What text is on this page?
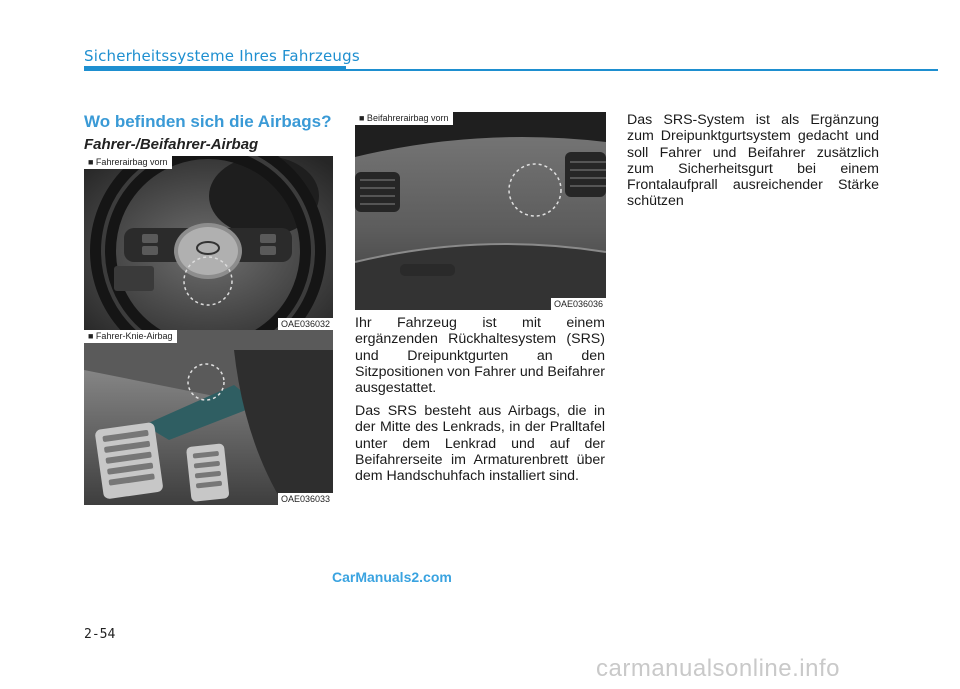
Sicherheitssysteme Ihres Fahrzeugs
Wo befinden sich die Airbags?
Fahrer-/Beifahrer-Airbag
■ Fahrerairbag vorn
OAE036032
■ Fahrer-Knie-Airbag
OAE036033
■ Beifahrerairbag vorn
OAE036036

Ihr Fahrzeug ist mit einem ergänzenden Rückhaltesystem (SRS) und Dreipunktgurten an den Sitzpositionen von Fahrer und Beifahrer ausgestattet.

Das SRS besteht aus Airbags, die in der Mitte des Lenkrads, in der Pralltafel unter dem Lenkrad und auf der Beifahrerseite im Armaturenbrett über dem Handschuhfach installiert sind.

Das SRS-System ist als Ergänzung zum Dreipunktgurtsystem gedacht und soll Fahrer und Beifahrer zusätzlich zum Sicherheitsgurt bei einem Frontalaufprall ausreichender Stärke schützen

CarManuals2.com
2-54
carmanualsonline.info
